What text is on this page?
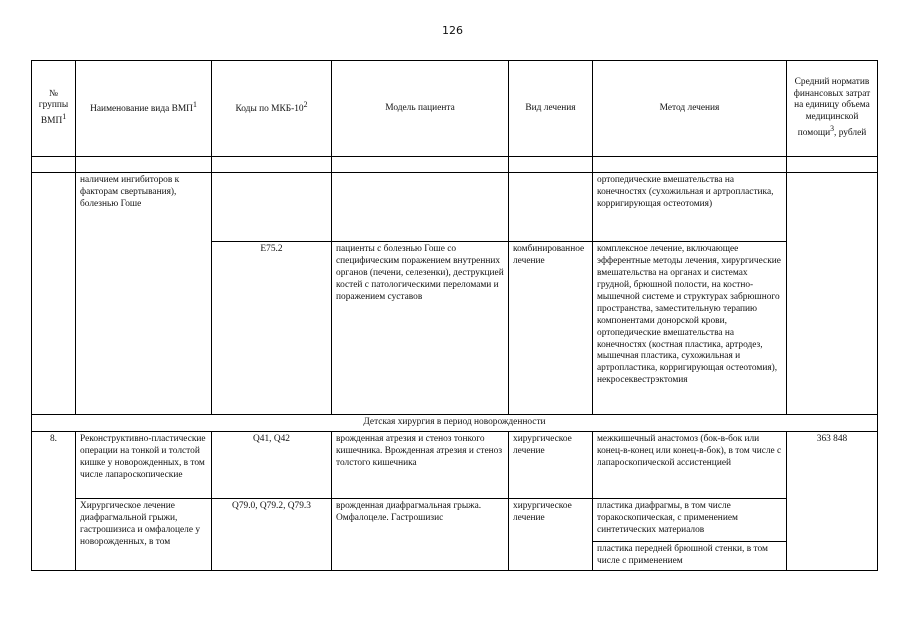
126
№ группы ВМП$^1$	Наименование вида ВМП$^1$	Коды по МКБ-$10^2$	Модель пациента	Вид лечения	Метод лечения	Средний норматив финансовых затрат на единицу объема медицинской помощи$^3$, рублей

	наличием ингибиторов к факторам свертывания), болезнью Гоше				ортопедические вмешательства на конечностях (сухожильная и артропластика, корригирующая остеотомия)	
		E75.2	пациенты с болезнью Гоше со специфическим поражением внутренних органов (печени, селезенки), деструкцией костей с патологическими переломами и поражением суставов	комбинированное лечение	комплексное лечение, включающее эфферентные методы лечения, хирургические вмешательства на органах и системах грудной, брюшной полости, на костно-мышечной системе и структурах забрюшного пространства, заместительную терапию компонентами донорской крови, ортопедические вмешательства на конечностях (костная пластика, артродез, мышечная пластика, сухожильная и артропластика, корригирующая остеотомия), некросеквестрэктомия	
Детская хирургия в период новорожденности						
8.	Реконструктивно-пластические операции на тонкой и толстой кишке у новорожденных, в том числе лапароскопические	Q41, Q42	врожденная атрезия и стеноз тонкого кишечника. Врожденная атрезия и стеноз толстого кишечника	хирургическое лечение	межкишечный анастомоз (бок-в-бок или конец-в-конец или конец-в-бок), в том числе с лапароскопической ассистенцией	363 848
	Хирургическое лечение диафрагмальной грыжи, гастрошизиса и омфалоцеле у новорожденных, в том	Q79.0, Q79.2, Q79.3	врожденная диафрагмальная грыжа. Омфалоцеле. Гастрошизис	хирургическое лечение	пластика диафрагмы, в том числе торакоскопическая, с применением синтетических материалов	
					пластика передней брюшной стенки, в том числе с применением	
